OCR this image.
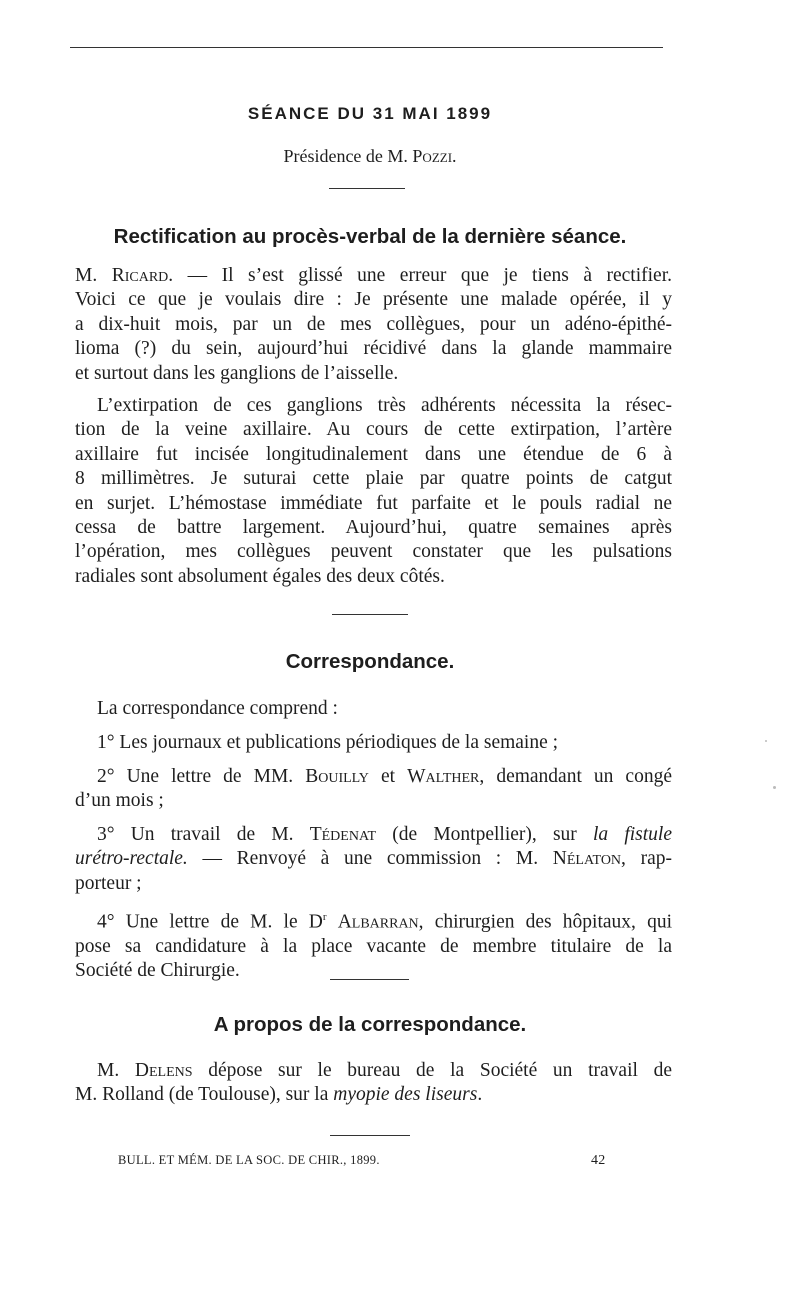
SÉANCE DU 31 MAI 1899
Présidence de M. Pozzi.
Rectification au procès-verbal de la dernière séance.
M. Ricard. — Il s’est glissé une erreur que je tiens à rectifier.
Voici ce que je voulais dire : Je présente une malade opérée, il y
a dix-huit mois, par un de mes collègues, pour un adéno-épithé-
lioma (?) du sein, aujourd’hui récidivé dans la glande mammaire
et surtout dans les ganglions de l’aisselle.
L’extirpation de ces ganglions très adhérents nécessita la résec-
tion de la veine axillaire. Au cours de cette extirpation, l’artère
axillaire fut incisée longitudinalement dans une étendue de 6 à
8 millimètres. Je suturai cette plaie par quatre points de catgut
en surjet. L’hémostase immédiate fut parfaite et le pouls radial ne
cessa de battre largement. Aujourd’hui, quatre semaines après
l’opération, mes collègues peuvent constater que les pulsations
radiales sont absolument égales des deux côtés.
Correspondance.
La correspondance comprend :
1° Les journaux et publications périodiques de la semaine ;
2° Une lettre de MM. Bouilly et Walther, demandant un congé
d’un mois ;
3° Un travail de M. Tédenat (de Montpellier), sur la fistule
urétro-rectale. — Renvoyé à une commission : M. Nélaton, rap-
porteur ;
4° Une lettre de M. le $D^r$ Albarran, chirurgien des hôpitaux, qui
pose sa candidature à la place vacante de membre titulaire de la
Société de Chirurgie.
A propos de la correspondance.
M. Delens dépose sur le bureau de la Société un travail de
M. Rolland (de Toulouse), sur la myopie des liseurs.
BULL. ET MÉM. DE LA SOC. DE CHIR., 1899.	42
